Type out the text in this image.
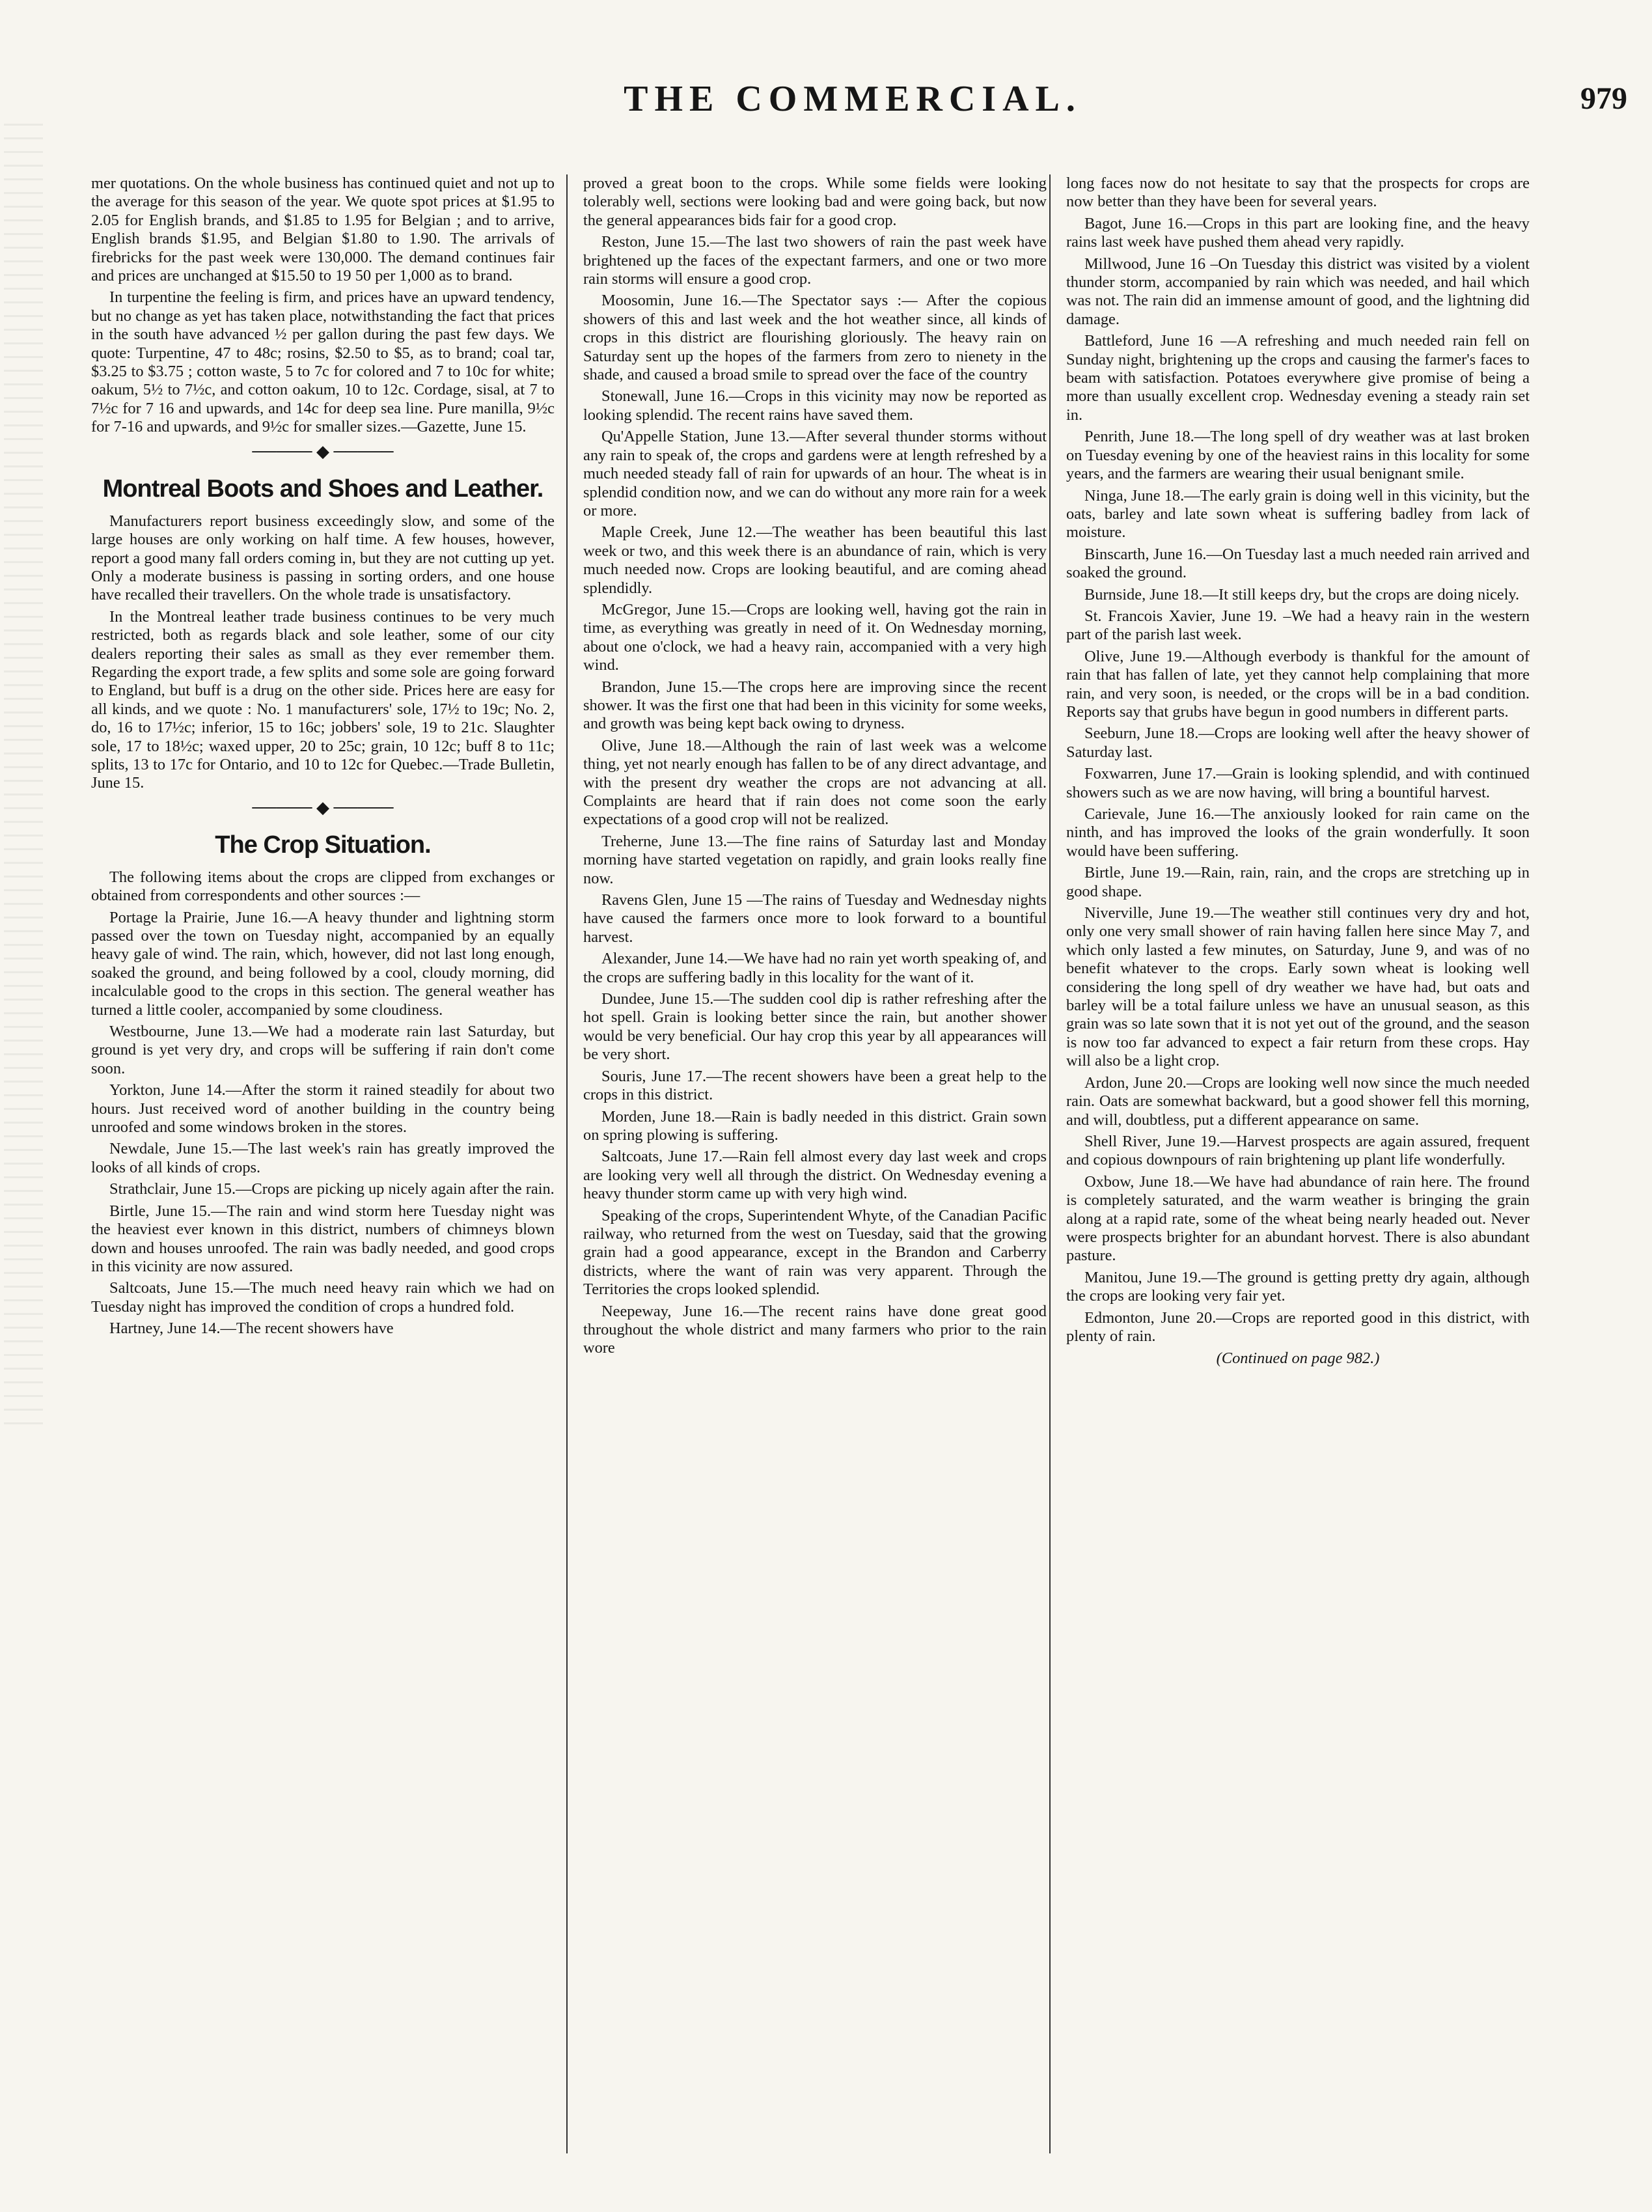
THE COMMERCIAL.	979

mer quotations. On the whole business has continued quiet and not up to the average for this season of the year. We quote spot prices at $1.95 to 2.05 for English brands, and $1.85 to 1.95 for Belgian ; and to arrive, English brands $1.95, and Belgian $1.80 to 1.90. The arrivals of firebricks for the past week were 130,000. The demand continues fair and prices are unchanged at $15.50 to 19 50 per 1,000 as to brand.

In turpentine the feeling is firm, and prices have an upward tendency, but no change as yet has taken place, notwithstanding the fact that prices in the south have advanced ½ per gallon during the past few days. We quote: Turpentine, 47 to 48c; rosins, $2.50 to $5, as to brand; coal tar, $3.25 to $3.75 ; cotton waste, 5 to 7c for colored and 7 to 10c for white; oakum, 5½ to 7½c, and cotton oakum, 10 to 12c. Cordage, sisal, at 7 to 7½c for 7 16 and upwards, and 14c for deep sea line. Pure manilla, 9½c for 7-16 and upwards, and 9½c for smaller sizes.—Gazette, June 15.

───── ◆ ─────
Montreal Boots and Shoes and Leather.

Manufacturers report business exceedingly slow, and some of the large houses are only working on half time. A few houses, however, report a good many fall orders coming in, but they are not cutting up yet. Only a moderate business is passing in sorting orders, and one house have recalled their travellers. On the whole trade is unsatisfactory.

In the Montreal leather trade business continues to be very much restricted, both as regards black and sole leather, some of our city dealers reporting their sales as small as they ever remember them. Regarding the export trade, a few splits and some sole are going forward to England, but buff is a drug on the other side. Prices here are easy for all kinds, and we quote : No. 1 manufacturers' sole, 17½ to 19c; No. 2, do, 16 to 17½c; inferior, 15 to 16c; jobbers' sole, 19 to 21c. Slaughter sole, 17 to 18½c; waxed upper, 20 to 25c; grain, 10 12c; buff 8 to 11c; splits, 13 to 17c for Ontario, and 10 to 12c for Quebec.—Trade Bulletin, June 15.

───── ◆ ─────
The Crop Situation.

The following items about the crops are clipped from exchanges or obtained from correspondents and other sources :—

Portage la Prairie, June 16.—A heavy thunder and lightning storm passed over the town on Tuesday night, accompanied by an equally heavy gale of wind. The rain, which, however, did not last long enough, soaked the ground, and being followed by a cool, cloudy morning, did incalculable good to the crops in this section. The general weather has turned a little cooler, accompanied by some cloudiness.

Westbourne, June 13.—We had a moderate rain last Saturday, but ground is yet very dry, and crops will be suffering if rain don't come soon.

Yorkton, June 14.—After the storm it rained steadily for about two hours. Just received word of another building in the country being unroofed and some windows broken in the stores.

Newdale, June 15.—The last week's rain has greatly improved the looks of all kinds of crops.

Strathclair, June 15.—Crops are picking up nicely again after the rain.

Birtle, June 15.—The rain and wind storm here Tuesday night was the heaviest ever known in this district, numbers of chimneys blown down and houses unroofed. The rain was badly needed, and good crops in this vicinity are now assured.

Saltcoats, June 15.—The much need heavy rain which we had on Tuesday night has improved the condition of crops a hundred fold.

Hartney, June 14.—The recent showers have

proved a great boon to the crops. While some fields were looking tolerably well, sections were looking bad and were going back, but now the general appearances bids fair for a good crop.

Reston, June 15.—The last two showers of rain the past week have brightened up the faces of the expectant farmers, and one or two more rain storms will ensure a good crop.

Moosomin, June 16.—The Spectator says :— After the copious showers of this and last week and the hot weather since, all kinds of crops in this district are flourishing gloriously. The heavy rain on Saturday sent up the hopes of the farmers from zero to nienety in the shade, and caused a broad smile to spread over the face of the country

Stonewall, June 16.—Crops in this vicinity may now be reported as looking splendid. The recent rains have saved them.

Qu'Appelle Station, June 13.—After several thunder storms without any rain to speak of, the crops and gardens were at length refreshed by a much needed steady fall of rain for upwards of an hour. The wheat is in splendid condition now, and we can do without any more rain for a week or more.

Maple Creek, June 12.—The weather has been beautiful this last week or two, and this week there is an abundance of rain, which is very much needed now. Crops are looking beautiful, and are coming ahead splendidly.

McGregor, June 15.—Crops are looking well, having got the rain in time, as everything was greatly in need of it. On Wednesday morning, about one o'clock, we had a heavy rain, accompanied with a very high wind.

Brandon, June 15.—The crops here are improving since the recent shower. It was the first one that had been in this vicinity for some weeks, and growth was being kept back owing to dryness.

Olive, June 18.—Although the rain of last week was a welcome thing, yet not nearly enough has fallen to be of any direct advantage, and with the present dry weather the crops are not advancing at all. Complaints are heard that if rain does not come soon the early expectations of a good crop will not be realized.

Treherne, June 13.—The fine rains of Saturday last and Monday morning have started vegetation on rapidly, and grain looks really fine now.

Ravens Glen, June 15 —The rains of Tuesday and Wednesday nights have caused the farmers once more to look forward to a bountiful harvest.

Alexander, June 14.—We have had no rain yet worth speaking of, and the crops are suffering badly in this locality for the want of it.

Dundee, June 15.—The sudden cool dip is rather refreshing after the hot spell. Grain is looking better since the rain, but another shower would be very beneficial. Our hay crop this year by all appearances will be very short.

Souris, June 17.—The recent showers have been a great help to the crops in this district.

Morden, June 18.—Rain is badly needed in this district. Grain sown on spring plowing is suffering.

Saltcoats, June 17.—Rain fell almost every day last week and crops are looking very well all through the district. On Wednesday evening a heavy thunder storm came up with very high wind.

Speaking of the crops, Superintendent Whyte, of the Canadian Pacific railway, who returned from the west on Tuesday, said that the growing grain had a good appearance, except in the Brandon and Carberry districts, where the want of rain was very apparent. Through the Territories the crops looked splendid.

Neepeway, June 16.—The recent rains have done great good throughout the whole district and many farmers who prior to the rain wore

long faces now do not hesitate to say that the prospects for crops are now better than they have been for several years.

Bagot, June 16.—Crops in this part are looking fine, and the heavy rains last week have pushed them ahead very rapidly.

Millwood, June 16 –On Tuesday this district was visited by a violent thunder storm, accompanied by rain which was needed, and hail which was not. The rain did an immense amount of good, and the lightning did damage.

Battleford, June 16 —A refreshing and much needed rain fell on Sunday night, brightening up the crops and causing the farmer's faces to beam with satisfaction. Potatoes everywhere give promise of being a more than usually excellent crop. Wednesday evening a steady rain set in.

Penrith, June 18.—The long spell of dry weather was at last broken on Tuesday evening by one of the heaviest rains in this locality for some years, and the farmers are wearing their usual benignant smile.

Ninga, June 18.—The early grain is doing well in this vicinity, but the oats, barley and late sown wheat is suffering badley from lack of moisture.

Binscarth, June 16.—On Tuesday last a much needed rain arrived and soaked the ground.

Burnside, June 18.—It still keeps dry, but the crops are doing nicely.

St. Francois Xavier, June 19. –We had a heavy rain in the western part of the parish last week.

Olive, June 19.—Although everbody is thankful for the amount of rain that has fallen of late, yet they cannot help complaining that more rain, and very soon, is needed, or the crops will be in a bad condition. Reports say that grubs have begun in good numbers in different parts.

Seeburn, June 18.—Crops are looking well after the heavy shower of Saturday last.

Foxwarren, June 17.—Grain is looking splendid, and with continued showers such as we are now having, will bring a bountiful harvest.

Carievale, June 16.—The anxiously looked for rain came on the ninth, and has improved the looks of the grain wonderfully. It soon would have been suffering.

Birtle, June 19.—Rain, rain, rain, and the crops are stretching up in good shape.

Niverville, June 19.—The weather still continues very dry and hot, only one very small shower of rain having fallen here since May 7, and which only lasted a few minutes, on Saturday, June 9, and was of no benefit whatever to the crops. Early sown wheat is looking well considering the long spell of dry weather we have had, but oats and barley will be a total failure unless we have an unusual season, as this grain was so late sown that it is not yet out of the ground, and the season is now too far advanced to expect a fair return from these crops. Hay will also be a light crop.

Ardon, June 20.—Crops are looking well now since the much needed rain. Oats are somewhat backward, but a good shower fell this morning, and will, doubtless, put a different appearance on same.

Shell River, June 19.—Harvest prospects are again assured, frequent and copious downpours of rain brightening up plant life wonderfully.

Oxbow, June 18.—We have had abundance of rain here. The fround is completely saturated, and the warm weather is bringing the grain along at a rapid rate, some of the wheat being nearly headed out. Never were prospects brighter for an abundant horvest. There is also abundant pasture.

Manitou, June 19.—The ground is getting pretty dry again, although the crops are looking very fair yet.

Edmonton, June 20.—Crops are reported good in this district, with plenty of rain.

(Continued on page 982.)
